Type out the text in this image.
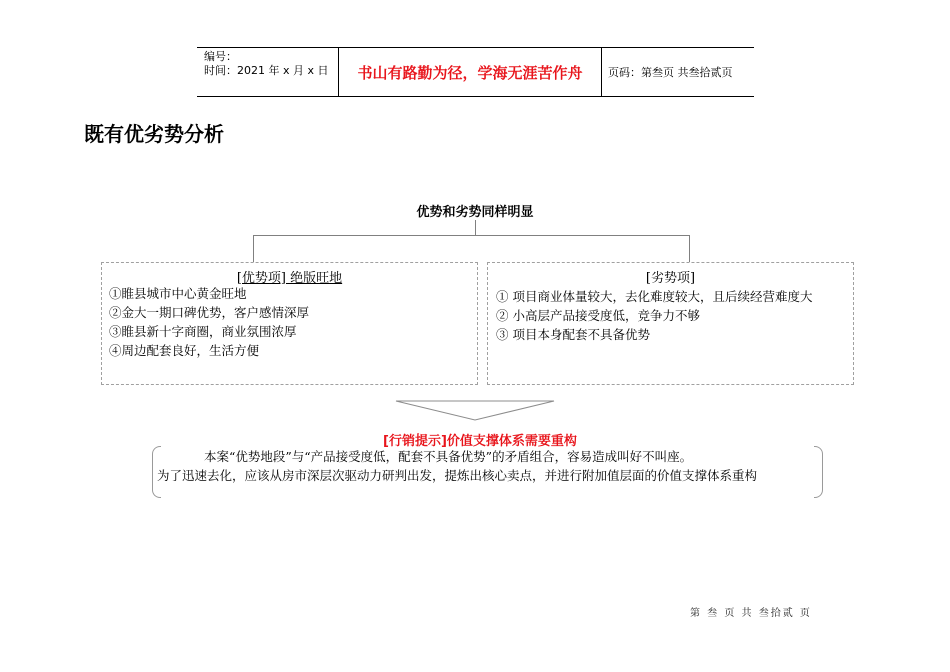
编号：
时间：2021 年 x 月 x 日	书山有路勤为径，学海无涯苦作舟	页码：第叁页 共叁拾贰页
既有优劣势分析
优势和劣势同样明显
[优势项] 绝版旺地
①睢县城市中心黄金旺地
②金大一期口碑优势，客户感情深厚
③睢县新十字商圈，商业氛围浓厚
④周边配套良好，生活方便
[劣势项]
① 项目商业体量较大，去化难度较大，且后续经营难度大
② 小高层产品接受度低，竞争力不够
③ 项目本身配套不具备优势
[行销提示]价值支撑体系需要重构
本案“优势地段”与“产品接受度低，配套不具备优势”的矛盾组合，容易造成叫好不叫座。
为了迅速去化，应该从房市深层次驱动力研判出发，提炼出核心卖点，并进行附加值层面的价值支撑体系重构
第 叁 页 共 叁拾贰 页
